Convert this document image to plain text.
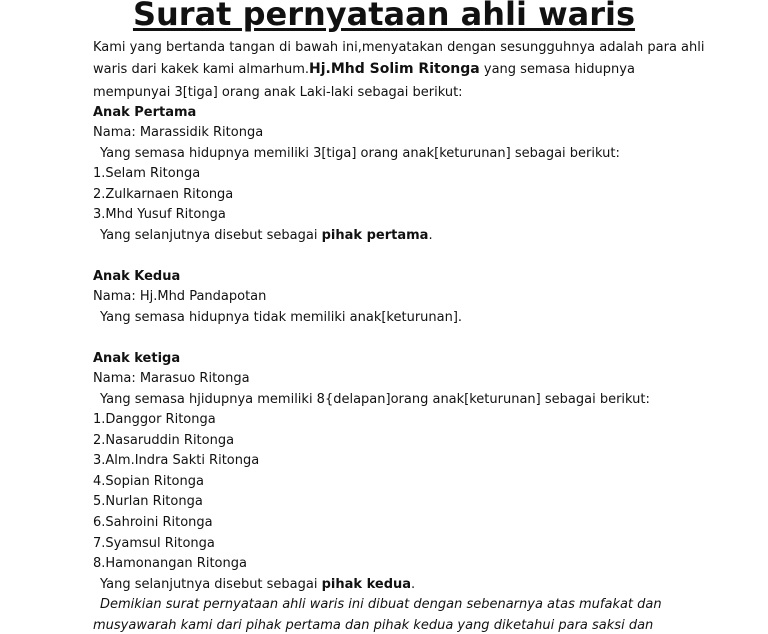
Surat pernyataan ahli waris
Kami yang bertanda tangan di bawah ini,menyatakan dengan sesungguhnya adalah para ahli
waris dari kakek kami almarhum.Hj.Mhd Solim Ritonga yang semasa hidupnya
mempunyai 3[tiga] orang anak Laki-laki sebagai berikut:
Anak Pertama
Nama: Marassidik Ritonga
Yang semasa hidupnya memiliki 3[tiga] orang anak[keturunan] sebagai berikut:
1.Selam Ritonga
2.Zulkarnaen Ritonga
3.Mhd Yusuf Ritonga
Yang selanjutnya disebut sebagai pihak pertama.
Anak Kedua
Nama: Hj.Mhd Pandapotan
Yang semasa hidupnya tidak memiliki anak[keturunan].
Anak ketiga
Nama: Marasuo Ritonga
Yang semasa hjidupnya memiliki 8{delapan]orang anak[keturunan] sebagai berikut:
1.Danggor Ritonga
2.Nasaruddin Ritonga
3.Alm.Indra Sakti Ritonga
4.Sopian Ritonga
5.Nurlan Ritonga
6.Sahroini Ritonga
7.Syamsul Ritonga
8.Hamonangan Ritonga
Yang selanjutnya disebut sebagai pihak kedua.
Demikian surat pernyataan ahli waris ini dibuat dengan sebenarnya atas mufakat dan
musyawarah kami dari pihak pertama dan pihak kedua yang diketahui para saksi dan
